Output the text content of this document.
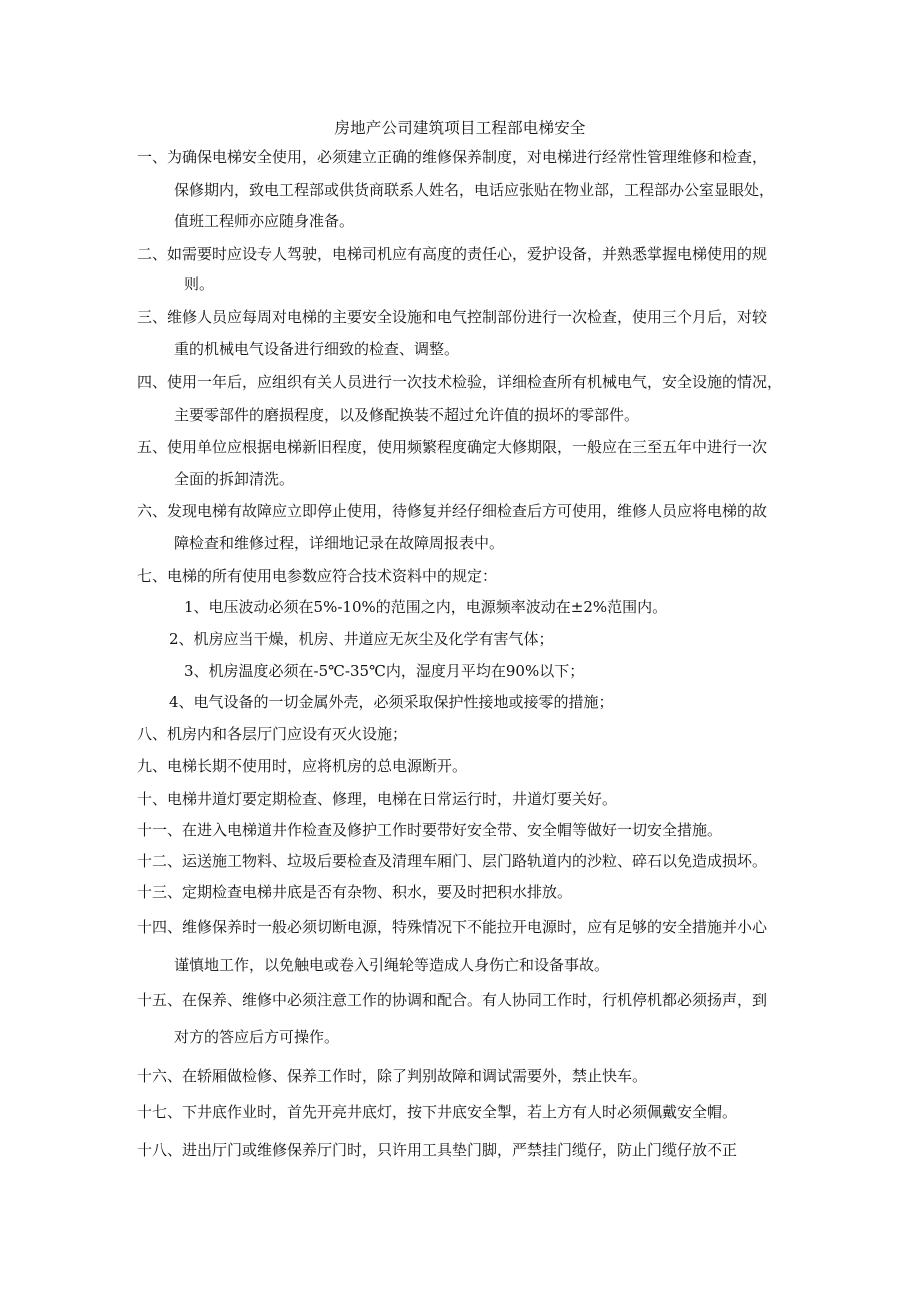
房地产公司建筑项目工程部电梯安全
一、为确保电梯安全使用，必须建立正确的维修保养制度，对电梯进行经常性管理维修和检查，
保修期内，致电工程部或供货商联系人姓名，电话应张贴在物业部，工程部办公室显眼处，
值班工程师亦应随身准备。
二、如需要时应设专人驾驶，电梯司机应有高度的责任心，爱护设备，并熟悉掌握电梯使用的规
则。
三、维修人员应每周对电梯的主要安全设施和电气控制部份进行一次检查，使用三个月后，对较
重的机械电气设备进行细致的检查、调整。
四、使用一年后，应组织有关人员进行一次技术检验，详细检查所有机械电气，安全设施的情况，
主要零部件的磨损程度，以及修配换装不超过允许值的损坏的零部件。
五、使用单位应根据电梯新旧程度，使用频繁程度确定大修期限，一般应在三至五年中进行一次
全面的拆卸清洗。
六、发现电梯有故障应立即停止使用，待修复并经仔细检查后方可使用，维修人员应将电梯的故
障检查和维修过程，详细地记录在故障周报表中。
七、电梯的所有使用电参数应符合技术资料中的规定：
1、电压波动必须在5%-10%的范围之内，电源频率波动在±2%范围内。
2、机房应当干燥，机房、井道应无灰尘及化学有害气体；
3、机房温度必须在-5℃-35℃内，湿度月平均在90%以下；
4、电气设备的一切金属外壳，必须采取保护性接地或接零的措施；
八、机房内和各层厅门应设有灭火设施；
九、电梯长期不使用时，应将机房的总电源断开。
十、电梯井道灯要定期检查、修理，电梯在日常运行时，井道灯要关好。
十一、在进入电梯道井作检查及修护工作时要带好安全带、安全帽等做好一切安全措施。
十二、运送施工物料、垃圾后要检查及清理车厢门、层门路轨道内的沙粒、碎石以免造成损坏。
十三、定期检查电梯井底是否有杂物、积水，要及时把积水排放。
十四、维修保养时一般必须切断电源，特殊情况下不能拉开电源时，应有足够的安全措施并小心
谨慎地工作，以免触电或卷入引绳轮等造成人身伤亡和设备事故。
十五、在保养、维修中必须注意工作的协调和配合。有人协同工作时，行机停机都必须扬声，到
对方的答应后方可操作。
十六、在轿厢做检修、保养工作时，除了判别故障和调试需要外，禁止快车。
十七、下井底作业时，首先开亮井底灯，按下井底安全掣，若上方有人时必须佩戴安全帽。
十八、进出厅门或维修保养厅门时，只许用工具垫门脚，严禁挂门缆仔，防止门缆仔放不正
